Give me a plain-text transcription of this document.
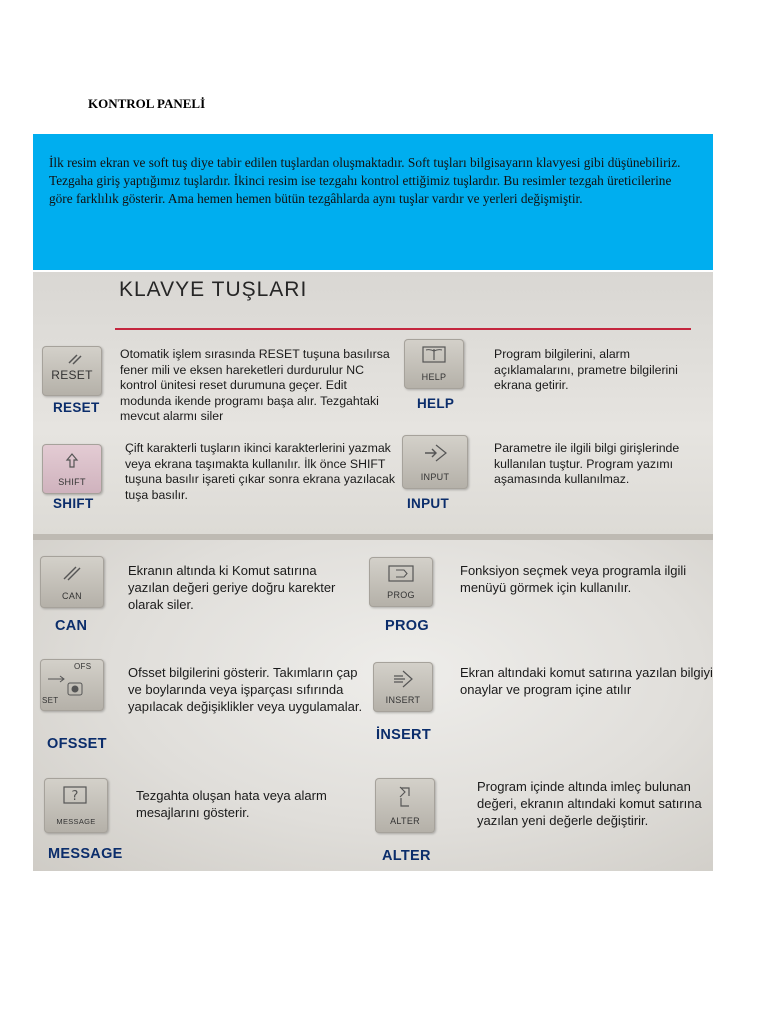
KONTROL PANELİ

İlk resim ekran ve soft tuş diye tabir edilen tuşlardan oluşmaktadır. Soft tuşları bilgisayarın klavyesi gibi düşünebiliriz. Tezgaha giriş yaptığımız tuşlardır. İkinci resim ise tezgahı kontrol ettiğimiz tuşlardır. Bu resimler tezgah üreticilerine göre farklılık gösterir. Ama hemen hemen bütün tezgâhlarda aynı tuşlar vardır ve yerleri değişmiştir.

KLAVYE TUŞLARI
RESET
RESET
Otomatik işlem sırasında RESET tuşuna basılırsa fener mili ve eksen hareketleri durdurulur NC kontrol ünitesi reset durumuna geçer. Edit modunda ikende programı başa alır. Tezgahtaki mevcut alarmı siler
HELP
HELP
Program bilgilerini, alarm açıklamalarını, prametre bilgilerini ekrana getirir.
SHIFT
SHIFT
Çift karakterli tuşların ikinci karakterlerini yazmak veya ekrana taşımakta kullanılır. İlk önce SHIFT tuşuna basılır işareti çıkar sonra ekrana yazılacak tuşa basılır.
INPUT
INPUT
Parametre ile ilgili bilgi girişlerinde kullanılan tuştur. Program yazımı aşamasında kullanılmaz.
CAN
CAN
Ekranın altında ki Komut satırına yazılan değeri geriye doğru karekter olarak siler.
PROG
PROG
Fonksiyon seçmek veya programla ilgili menüyü görmek için kullanılır.
OFS
SET
OFSSET
Ofsset bilgilerini gösterir. Takımların çap ve boylarında veya işparçası sıfırında yapılacak değişiklikler veya uygulamalar.	INSERT
İNSERT
Ekran altındaki komut satırına yazılan bilgiyi onaylar ve program içine atılır
?
MESSAGE
MESSAGE
Tezgahta oluşan hata veya alarm mesajlarını gösterir.
ALTER
ALTER
Program içinde altında imleç bulunan değeri, ekranın altındaki komut satırına yazılan yeni değerle değiştirir.
